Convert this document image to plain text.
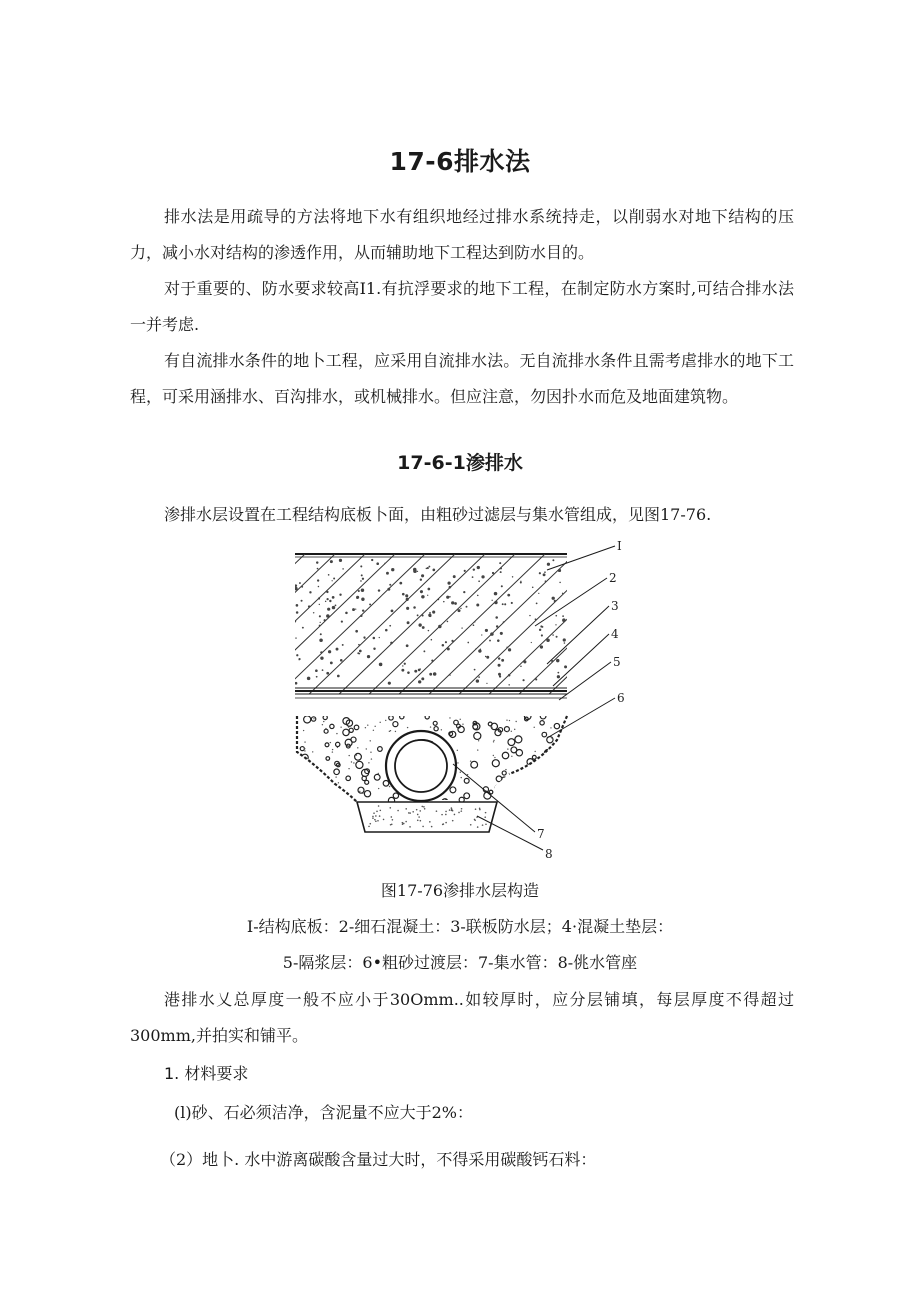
17-6排水法

排水法是用疏导的方法将地下水有组织地经过排水系统持走，以削弱水对地下结构的压力，减小水对结构的渗透作用，从而辅助地下工程达到防水目的。

对于重要的、防水要求较高I1.有抗浮要求的地下工程，在制定防水方案时,可结合排水法一并考虑.

有自流排水条件的地卜工程，应采用自流排水法。无自流排水条件且需考虐排水的地下工程，可采用涵排水、百沟排水，或机械排水。但应注意，勿因扑水而危及地面建筑物。

17-6-1渗排水

渗排水层设置在工程结构底板卜面，由粗砂过滤层与集水管组成，见图17-76.

I
2
3
4
5
6
7
8

图17-76渗排水层构造

I-结构底板：2-细石混凝土：3-联板防水层；4·混凝土垫层：

5-隔浆层：6•粗砂过渡层：7-集水管：8-佻水管座

港排水乂总厚度一般不应小于30Omm..如较厚时，应分层铺填，每层厚度不得超过300mm,并拍实和铺平。

1. 材料要求

(l)砂、石必须洁净，含泥量不应大于2%：

（2）地卜. 水中游离碳酸含量过大时，不得采用碳酸钙石料：
